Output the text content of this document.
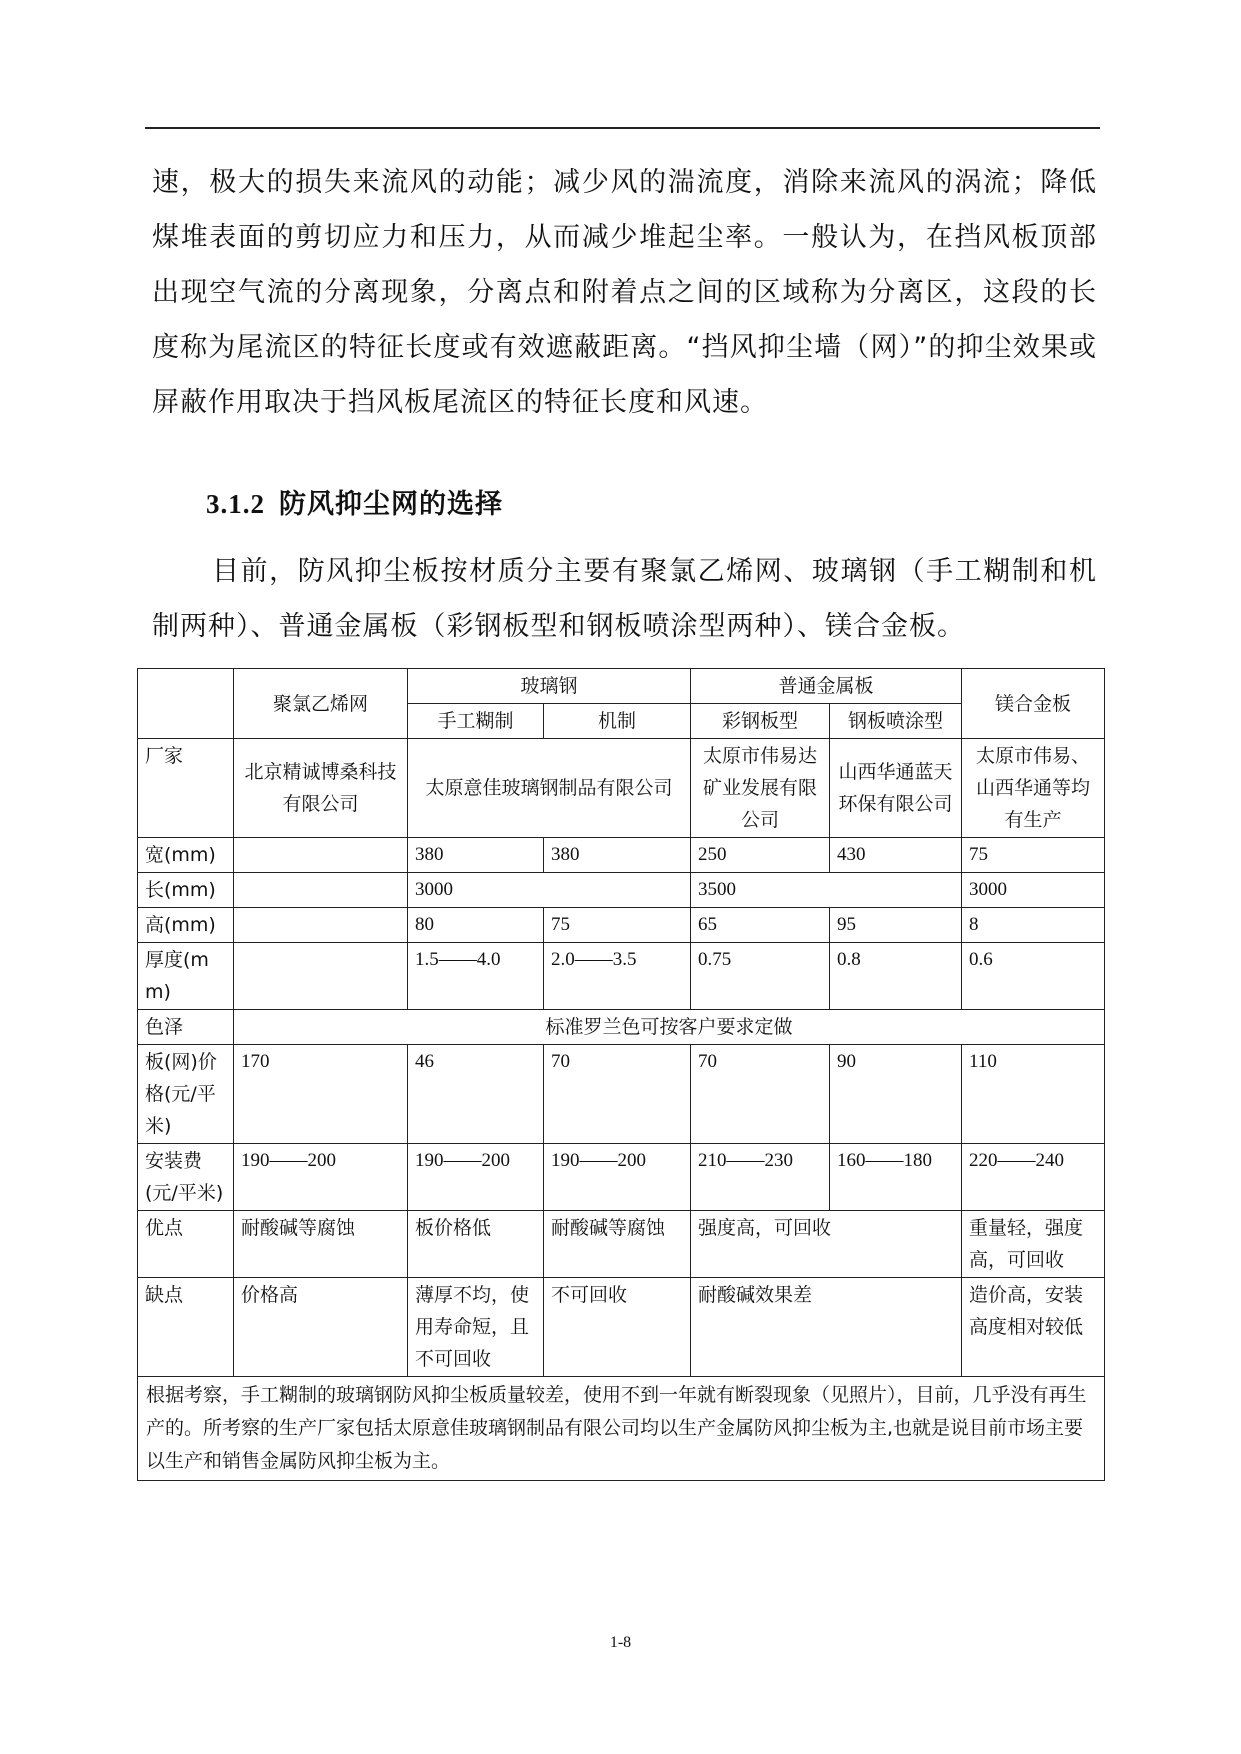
速，极大的损失来流风的动能；减少风的湍流度，消除来流风的涡流；降低煤堆表面的剪切应力和压力，从而减少堆起尘率。一般认为，在挡风板顶部出现空气流的分离现象，分离点和附着点之间的区域称为分离区，这段的长度称为尾流区的特征长度或有效遮蔽距离。“挡风抑尘墙（网）”的抑尘效果或屏蔽作用取决于挡风板尾流区的特征长度和风速。

3.1.2 防风抑尘网的选择

目前，防风抑尘板按材质分主要有聚氯乙烯网、玻璃钢（手工糊制和机制两种）、普通金属板（彩钢板型和钢板喷涂型两种）、镁合金板。

	聚氯乙烯网	玻璃钢		普通金属板		镁合金板
		手工糊制	机制	彩钢板型	钢板喷涂型	
厂家	北京精诚博桑科技有限公司	太原意佳玻璃钢制品有限公司		太原市伟易达矿业发展有限公司	山西华通蓝天环保有限公司	太原市伟易、山西华通等均有生产
宽(mm)		380	380	250	430	75
长(mm)		3000		3500		3000
高(mm)		80	75	65	95	8
厚度(mm)		1.5——4.0	2.0——3.5	0.75	0.8	0.6
色泽	标准罗兰色可按客户要求定做					
板(网)价格(元/平米)	170	46	70	70	90	110
安装费(元/平米)	190——200	190——200	190——200	210——230	160——180	220——240
优点	耐酸碱等腐蚀	板价格低	耐酸碱等腐蚀	强度高，可回收		重量轻，强度高，可回收
缺点	价格高	薄厚不均，使用寿命短，且不可回收	不可回收	耐酸碱效果差		造价高，安装高度相对较低
根据考察，手工糊制的玻璃钢防风抑尘板质量较差，使用不到一年就有断裂现象（见照片），目前，几乎没有再生产的。所考察的生产厂家包括太原意佳玻璃钢制品有限公司均以生产金属防风抑尘板为主,也就是说目前市场主要以生产和销售金属防风抑尘板为主。						
1-8
